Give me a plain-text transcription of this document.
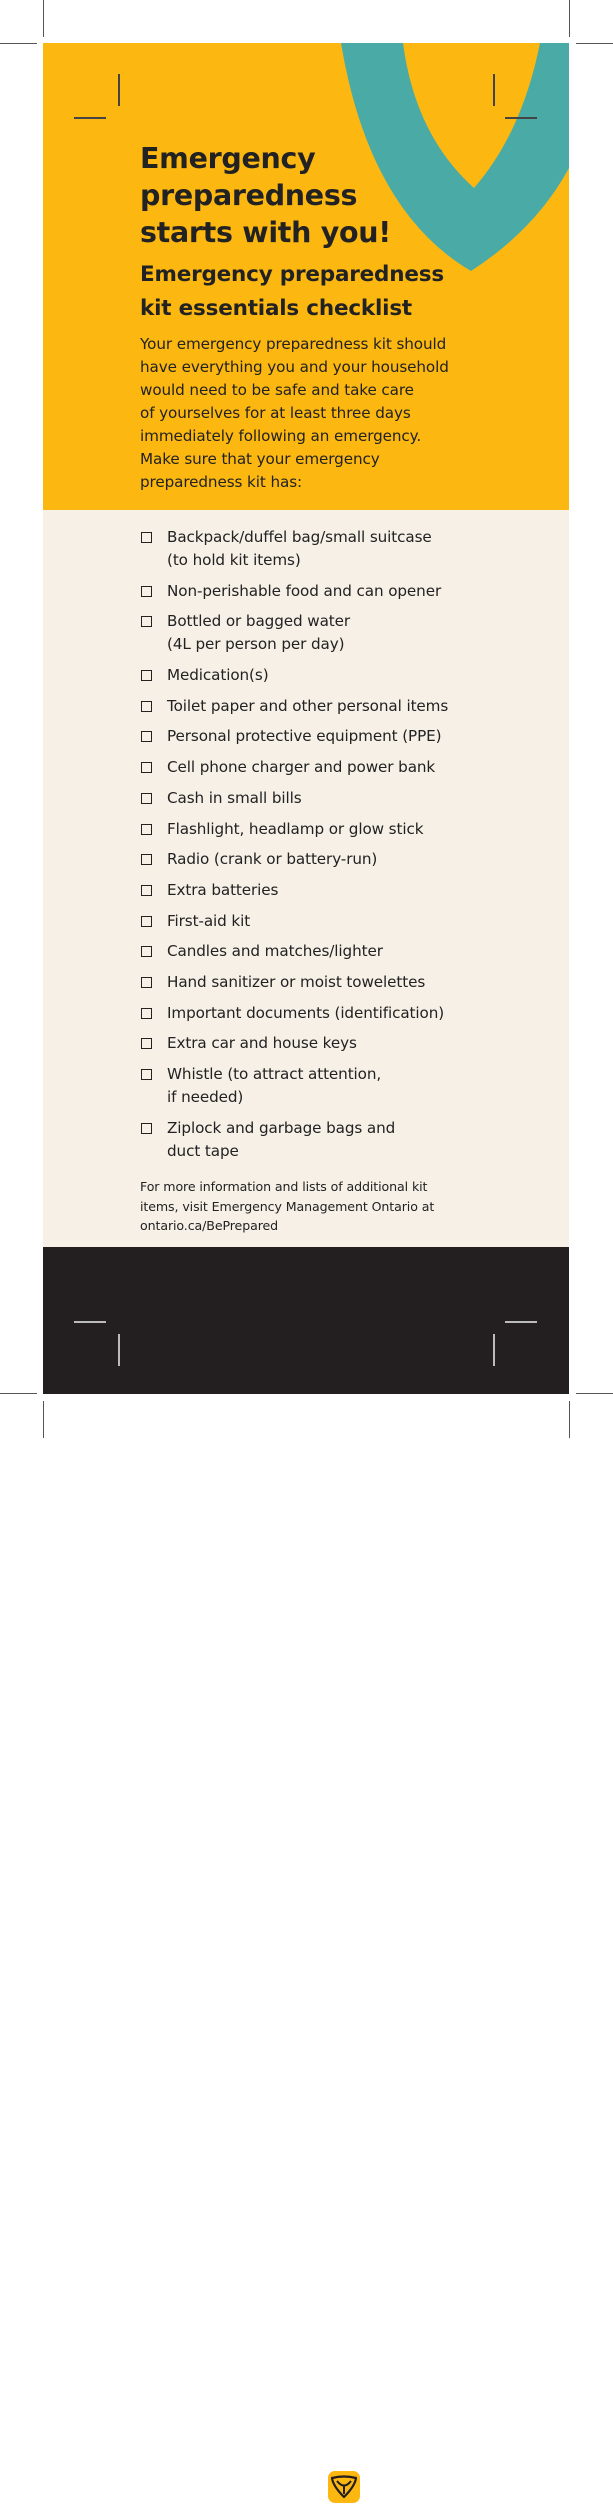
Ontario
Emergency
preparedness
starts with you!
Emergency preparedness
kit essentials checklist

Your emergency preparedness kit should
have everything you and your household
would need to be safe and take care
of yourselves for at least three days
immediately following an emergency.
Make sure that your emergency
preparedness kit has:

Backpack/duffel bag/small suitcase
(to hold kit items)
Non-perishable food and can opener
Bottled or bagged water
(4L per person per day)
Medication(s)
Toilet paper and other personal items
Personal protective equipment (PPE)
Cell phone charger and power bank
Cash in small bills
Flashlight, headlamp or glow stick
Radio (crank or battery-run)
Extra batteries
First-aid kit
Candles and matches/lighter
Hand sanitizer or moist towelettes
Important documents (identification)
Extra car and house keys
Whistle (to attract attention,
if needed)
Ziplock and garbage bags and
duct tape

For more information and lists of additional kit
items, visit Emergency Management Ontario at
ontario.ca/BePrepared
